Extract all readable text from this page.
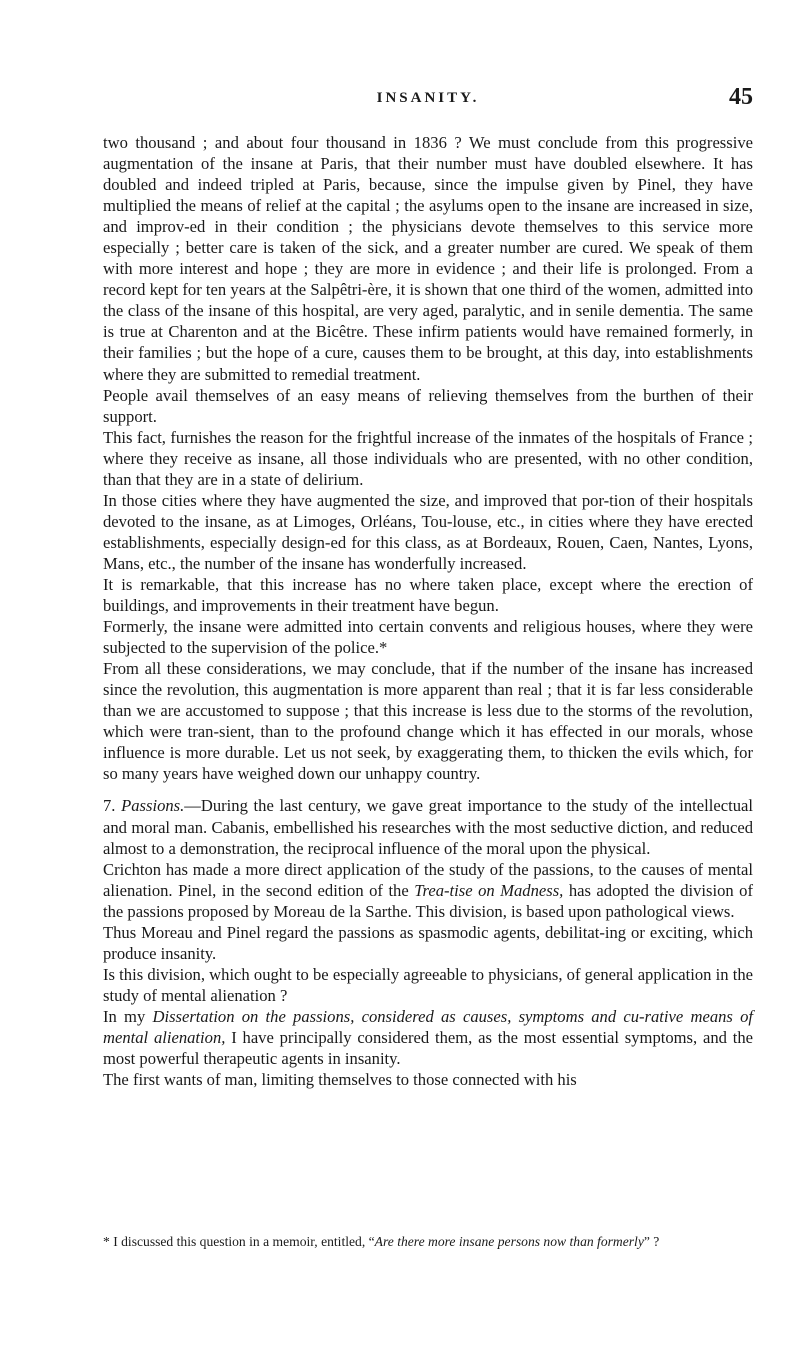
INSANITY.	45

two thousand ; and about four thousand in 1836 ? We must conclude from this progressive augmentation of the insane at Paris, that their number must have doubled elsewhere. It has doubled and indeed tripled at Paris, because, since the impulse given by Pinel, they have multiplied the means of relief at the capital ; the asylums open to the insane are increased in size, and improv-ed in their condition ; the physicians devote themselves to this service more especially ; better care is taken of the sick, and a greater number are cured. We speak of them with more interest and hope ; they are more in evidence ; and their life is prolonged. From a record kept for ten years at the Salpêtri-ère, it is shown that one third of the women, admitted into the class of the insane of this hospital, are very aged, paralytic, and in senile dementia. The same is true at Charenton and at the Bicêtre. These infirm patients would have remained formerly, in their families ; but the hope of a cure, causes them to be brought, at this day, into establishments where they are submitted to remedial treatment.

People avail themselves of an easy means of relieving themselves from the burthen of their support.

This fact, furnishes the reason for the frightful increase of the inmates of the hospitals of France ; where they receive as insane, all those individuals who are presented, with no other condition, than that they are in a state of delirium.

In those cities where they have augmented the size, and improved that por-tion of their hospitals devoted to the insane, as at Limoges, Orléans, Tou-louse, etc., in cities where they have erected establishments, especially design-ed for this class, as at Bordeaux, Rouen, Caen, Nantes, Lyons, Mans, etc., the number of the insane has wonderfully increased.

It is remarkable, that this increase has no where taken place, except where the erection of buildings, and improvements in their treatment have begun.

Formerly, the insane were admitted into certain convents and religious houses, where they were subjected to the supervision of the police.*

From all these considerations, we may conclude, that if the number of the insane has increased since the revolution, this augmentation is more apparent than real ; that it is far less considerable than we are accustomed to suppose ; that this increase is less due to the storms of the revolution, which were tran-sient, than to the profound change which it has effected in our morals, whose influence is more durable. Let us not seek, by exaggerating them, to thicken the evils which, for so many years have weighed down our unhappy country.

7. Passions.—During the last century, we gave great importance to the study of the intellectual and moral man. Cabanis, embellished his researches with the most seductive diction, and reduced almost to a demonstration, the reciprocal influence of the moral upon the physical.

Crichton has made a more direct application of the study of the passions, to the causes of mental alienation. Pinel, in the second edition of the Trea-tise on Madness, has adopted the division of the passions proposed by Moreau de la Sarthe. This division, is based upon pathological views.

Thus Moreau and Pinel regard the passions as spasmodic agents, debilitat-ing or exciting, which produce insanity.

Is this division, which ought to be especially agreeable to physicians, of general application in the study of mental alienation ?

In my Dissertation on the passions, considered as causes, symptoms and cu-rative means of mental alienation, I have principally considered them, as the most essential symptoms, and the most powerful therapeutic agents in insanity.

The first wants of man, limiting themselves to those connected with his

* I discussed this question in a memoir, entitled, “Are there more insane persons now than formerly” ?
